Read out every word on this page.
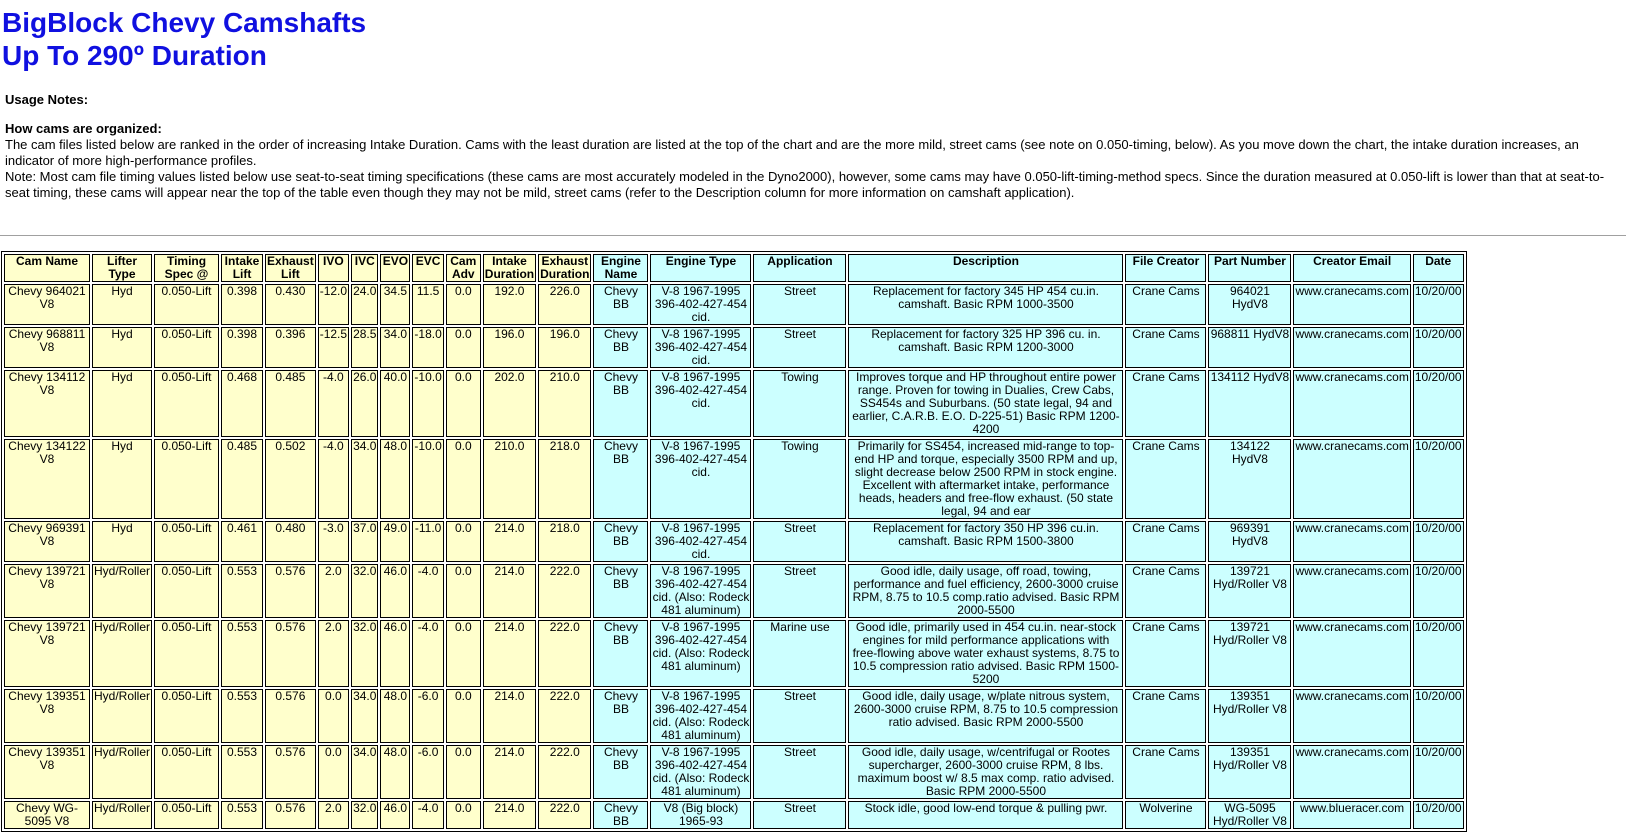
BigBlock Chevy Camshafts
Up To 290º Duration
Usage Notes:
How cams are organized:

The cam files listed below are ranked in the order of increasing Intake Duration. Cams with the least duration are listed at the top of the chart and are the more mild, street cams (see note on 0.050-timing, below). As you move down the chart, the intake duration increases, an indicator of more high-performance profiles.

Note: Most cam file timing values listed below use seat-to-seat timing specifications (these cams are most accurately modeled in the Dyno2000), however, some cams may have 0.050-lift-timing-method specs. Since the duration measured at 0.050-lift is lower than that at seat-to-seat timing, these cams will appear near the top of the table even though they may not be mild, street cams (refer to the Description column for more information on camshaft application).

Cam Name	Lifter Type	Timing Spec @	Intake Lift	Exhaust Lift	IVO	IVC	EVO	EVC	Cam Adv	Intake Duration	Exhaust Duration	Engine Name	Engine Type	Application	Description	File Creator	Part Number	Creator Email	Date
Chevy 964021 V8	Hyd	0.050-Lift	0.398	0.430	-12.0	24.0	34.5	11.5	0.0	192.0	226.0	Chevy BB	V-8 1967-1995 396-402-427-454 cid.	Street	Replacement for factory 345 HP 454 cu.in. camshaft. Basic RPM 1000-3500	Crane Cams	964021 HydV8	www.cranecams.com	10/20/00
Chevy 968811 V8	Hyd	0.050-Lift	0.398	0.396	-12.5	28.5	34.0	-18.0	0.0	196.0	196.0	Chevy BB	V-8 1967-1995 396-402-427-454 cid.	Street	Replacement for factory 325 HP 396 cu. in. camshaft. Basic RPM 1200-3000	Crane Cams	968811 HydV8	www.cranecams.com	10/20/00
Chevy 134112 V8	Hyd	0.050-Lift	0.468	0.485	-4.0	26.0	40.0	-10.0	0.0	202.0	210.0	Chevy BB	V-8 1967-1995 396-402-427-454 cid.	Towing	Improves torque and HP throughout entire power range. Proven for towing in Dualies, Crew Cabs, SS454s and Suburbans. (50 state legal, 94 and earlier, C.A.R.B. E.O. D-225-51) Basic RPM 1200-4200	Crane Cams	134112 HydV8	www.cranecams.com	10/20/00
Chevy 134122 V8	Hyd	0.050-Lift	0.485	0.502	-4.0	34.0	48.0	-10.0	0.0	210.0	218.0	Chevy BB	V-8 1967-1995 396-402-427-454 cid.	Towing	Primarily for SS454, increased mid-range to top-end HP and torque, especially 3500 RPM and up, slight decrease below 2500 RPM in stock engine. Excellent with aftermarket intake, performance heads, headers and free-flow exhaust. (50 state legal, 94 and ear	Crane Cams	134122 HydV8	www.cranecams.com	10/20/00
Chevy 969391 V8	Hyd	0.050-Lift	0.461	0.480	-3.0	37.0	49.0	-11.0	0.0	214.0	218.0	Chevy BB	V-8 1967-1995 396-402-427-454 cid.	Street	Replacement for factory 350 HP 396 cu.in. camshaft. Basic RPM 1500-3800	Crane Cams	969391 HydV8	www.cranecams.com	10/20/00
Chevy 139721 V8	Hyd/Roller	0.050-Lift	0.553	0.576	2.0	32.0	46.0	-4.0	0.0	214.0	222.0	Chevy BB	V-8 1967-1995 396-402-427-454 cid. (Also: Rodeck 481 aluminum)	Street	Good idle, daily usage, off road, towing, performance and fuel efficiency, 2600-3000 cruise RPM, 8.75 to 10.5 comp.ratio advised. Basic RPM 2000-5500	Crane Cams	139721 Hyd/Roller V8	www.cranecams.com	10/20/00
Chevy 139721 V8	Hyd/Roller	0.050-Lift	0.553	0.576	2.0	32.0	46.0	-4.0	0.0	214.0	222.0	Chevy BB	V-8 1967-1995 396-402-427-454 cid. (Also: Rodeck 481 aluminum)	Marine use	Good idle, primarily used in 454 cu.in. near-stock engines for mild performance applications with free-flowing above water exhaust systems, 8.75 to 10.5 compression ratio advised. Basic RPM 1500-5200	Crane Cams	139721 Hyd/Roller V8	www.cranecams.com	10/20/00
Chevy 139351 V8	Hyd/Roller	0.050-Lift	0.553	0.576	0.0	34.0	48.0	-6.0	0.0	214.0	222.0	Chevy BB	V-8 1967-1995 396-402-427-454 cid. (Also: Rodeck 481 aluminum)	Street	Good idle, daily usage, w/plate nitrous system, 2600-3000 cruise RPM, 8.75 to 10.5 compression ratio advised. Basic RPM 2000-5500	Crane Cams	139351 Hyd/Roller V8	www.cranecams.com	10/20/00
Chevy 139351 V8	Hyd/Roller	0.050-Lift	0.553	0.576	0.0	34.0	48.0	-6.0	0.0	214.0	222.0	Chevy BB	V-8 1967-1995 396-402-427-454 cid. (Also: Rodeck 481 aluminum)	Street	Good idle, daily usage, w/centrifugal or Rootes supercharger, 2600-3000 cruise RPM, 8 lbs. maximum boost w/ 8.5 max comp. ratio advised. Basic RPM 2000-5500	Crane Cams	139351 Hyd/Roller V8	www.cranecams.com	10/20/00
Chevy WG-5095 V8	Hyd/Roller	0.050-Lift	0.553	0.576	2.0	32.0	46.0	-4.0	0.0	214.0	222.0	Chevy BB	V8 (Big block) 1965-93	Street	Stock idle, good low-end torque & pulling pwr.	Wolverine	WG-5095 Hyd/Roller V8	www.blueracer.com	10/20/00
